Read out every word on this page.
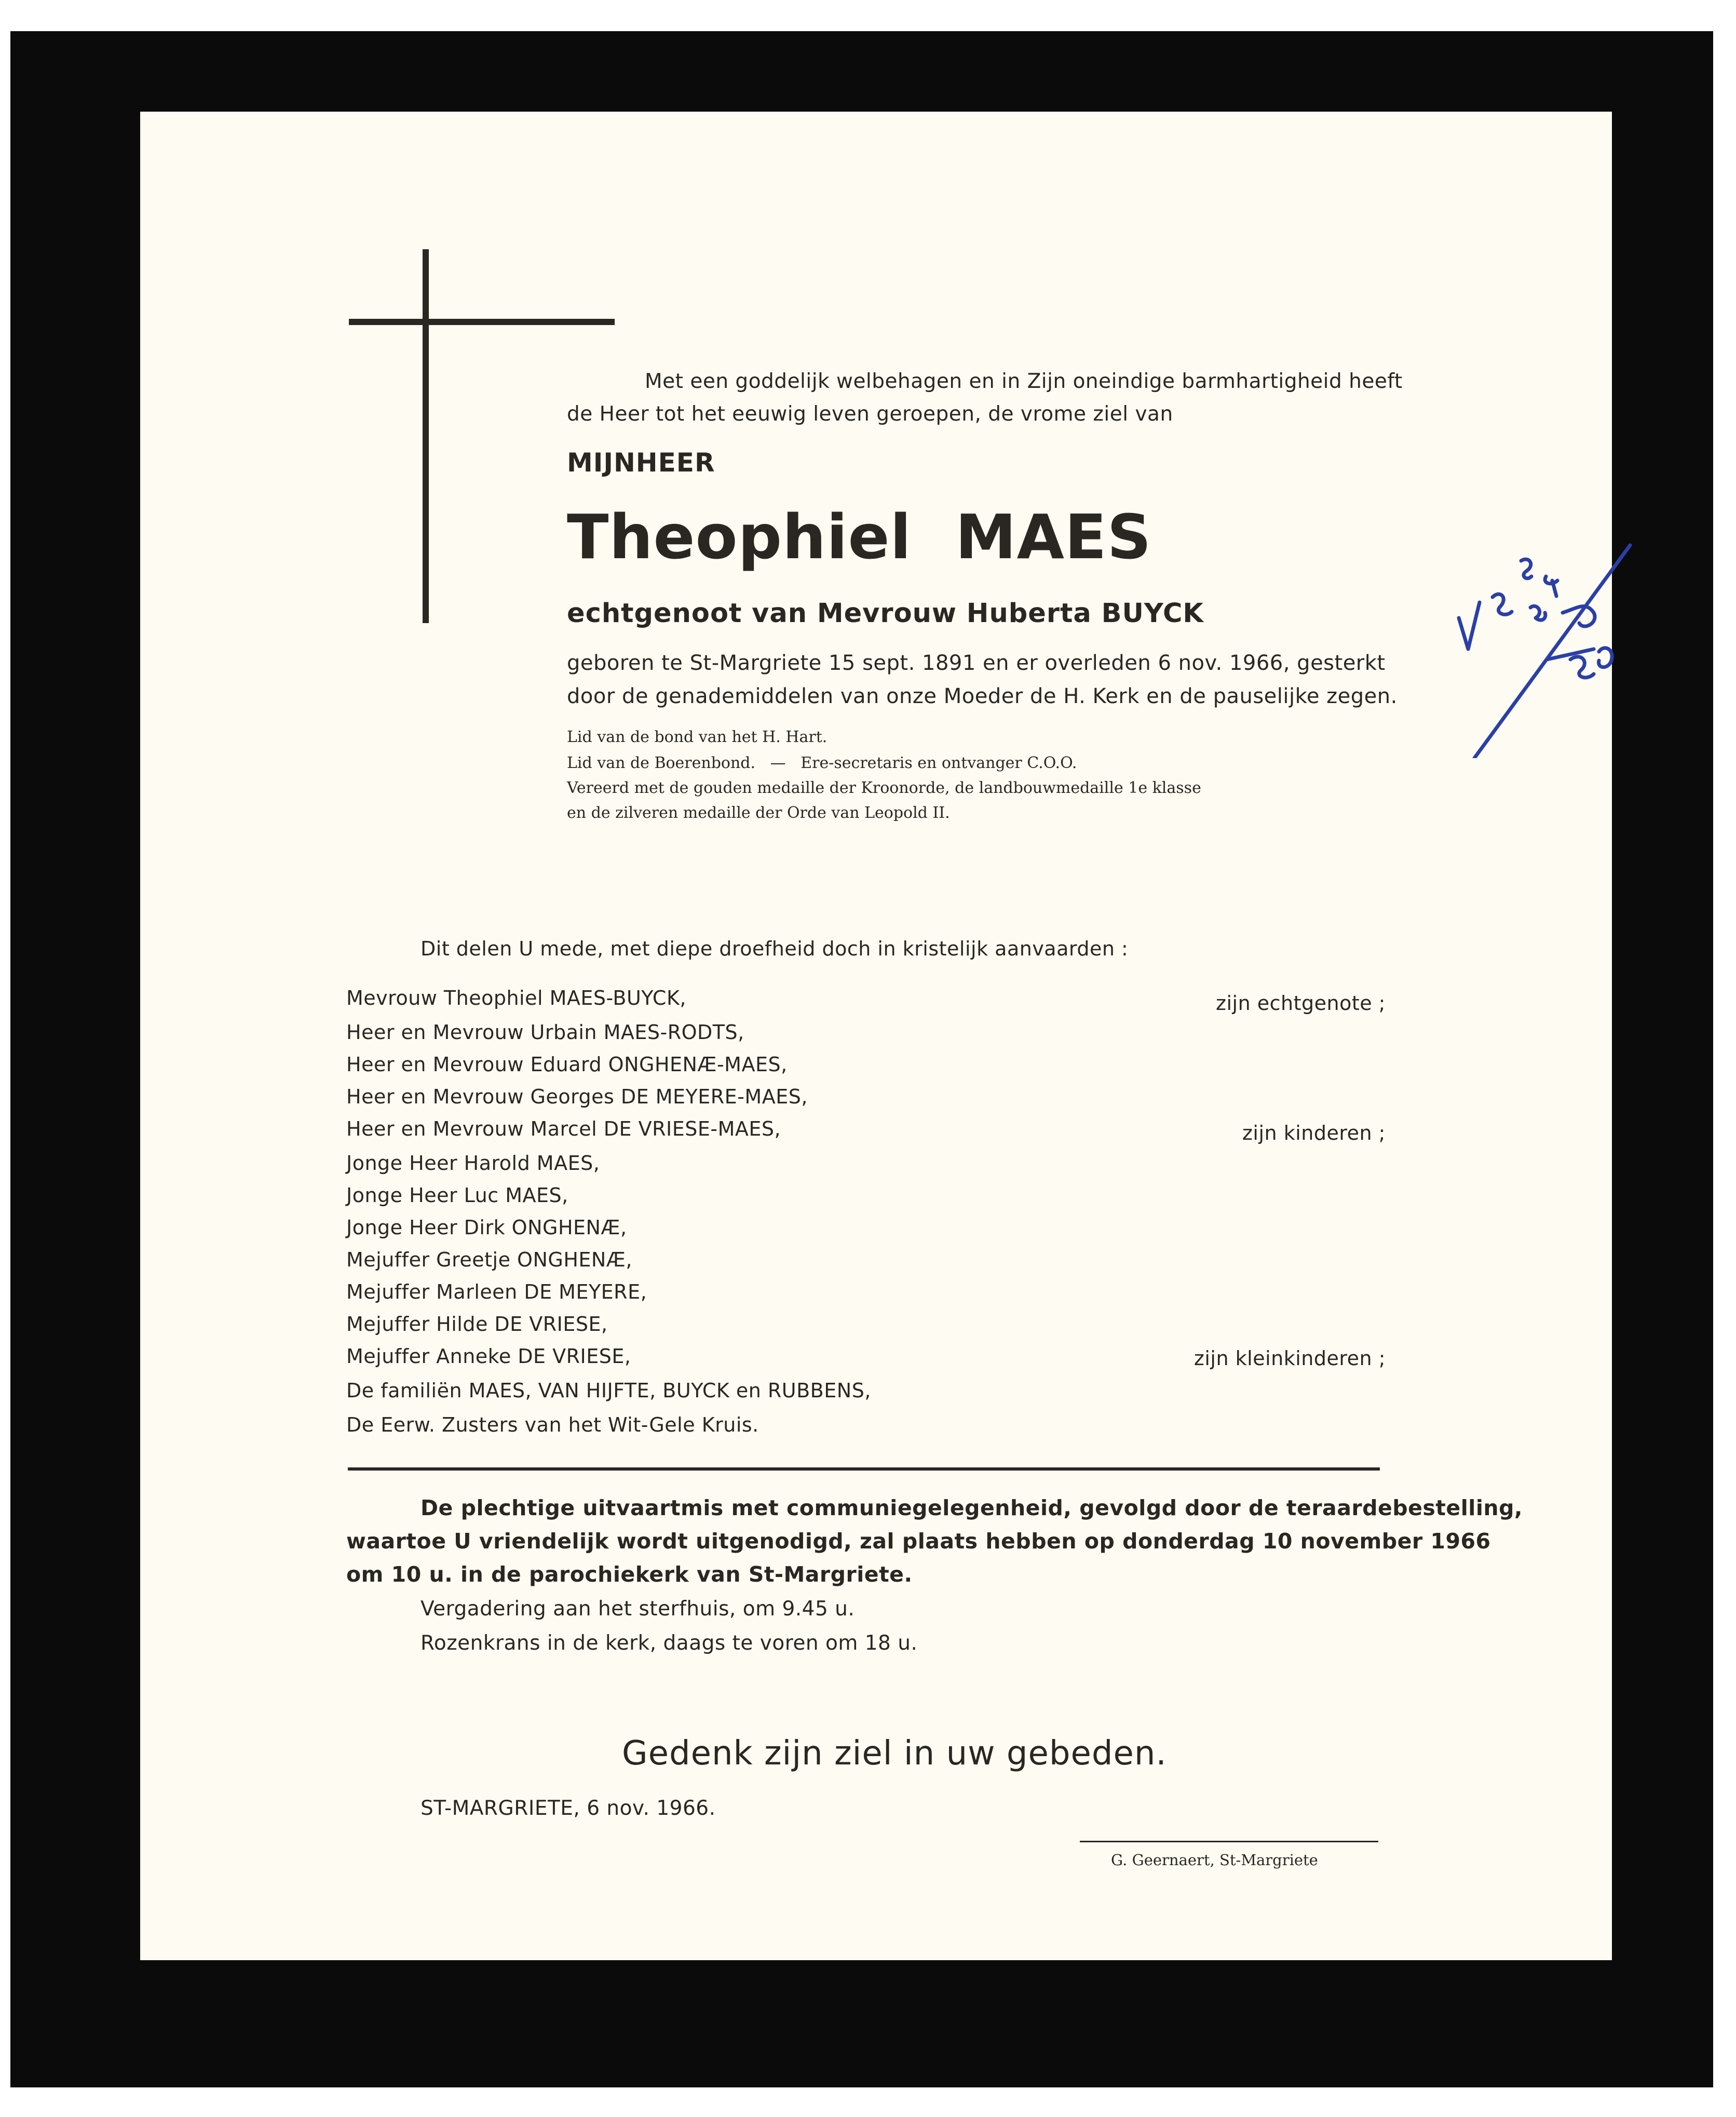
Met een goddelijk welbehagen en in Zijn oneindige barmhartigheid heeft
de Heer tot het eeuwig leven geroepen, de vrome ziel van
MIJNHEER
Theophiel  MAES
echtgenoot van Mevrouw Huberta BUYCK
geboren te St-Margriete 15 sept. 1891 en er overleden 6 nov. 1966, gesterkt
door de genademiddelen van onze Moeder de H. Kerk en de pauselijke zegen.
Lid van de bond van het H. Hart.
Lid van de Boerenbond.   —   Ere-secretaris en ontvanger C.O.O.
Vereerd met de gouden medaille der Kroonorde, de landbouwmedaille 1e klasse
en de zilveren medaille der Orde van Leopold II.
Dit delen U mede, met diepe droefheid doch in kristelijk aanvaarden :
Mevrouw Theophiel MAES-BUYCK,
Heer en Mevrouw Urbain MAES-RODTS,
Heer en Mevrouw Eduard ONGHENÆ-MAES,
Heer en Mevrouw Georges DE MEYERE-MAES,
Heer en Mevrouw Marcel DE VRIESE-MAES,
Jonge Heer Harold MAES,
Jonge Heer Luc MAES,
Jonge Heer Dirk ONGHENÆ,
Mejuffer Greetje ONGHENÆ,
Mejuffer Marleen DE MEYERE,
Mejuffer Hilde DE VRIESE,
Mejuffer Anneke DE VRIESE,
De familiën MAES, VAN HIJFTE, BUYCK en RUBBENS,
De Eerw. Zusters van het Wit-Gele Kruis.
zijn echtgenote ;
zijn kinderen ;
zijn kleinkinderen ;
De plechtige uitvaartmis met communiegelegenheid, gevolgd door de teraardebestelling,
waartoe U vriendelijk wordt uitgenodigd, zal plaats hebben op donderdag 10 november 1966
om 10 u. in de parochiekerk van St-Margriete.
Vergadering aan het sterfhuis, om 9.45 u.
Rozenkrans in de kerk, daags te voren om 18 u.
Gedenk zijn ziel in uw gebeden.
ST-MARGRIETE, 6 nov. 1966.
G. Geernaert, St-Margriete
